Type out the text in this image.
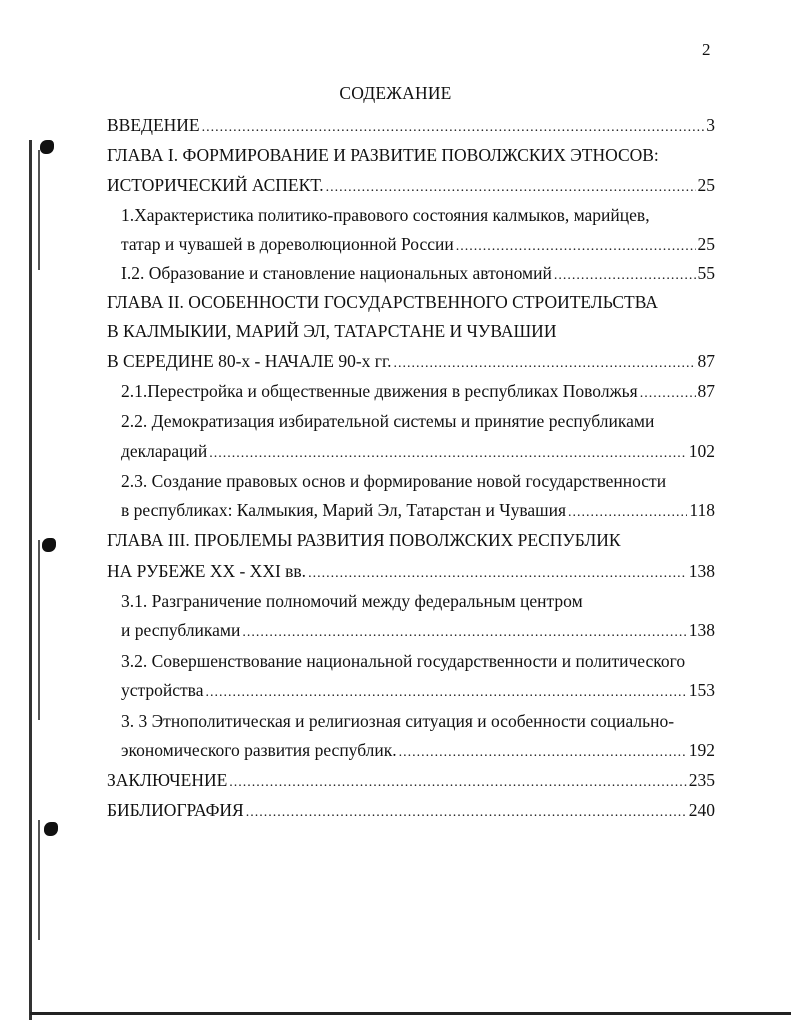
2
СОДЕЖАНИЕ
ВВЕДЕНИЕ .....	3
ГЛАВА I. ФОРМИРОВАНИЕ И РАЗВИТИЕ ПОВОЛЖСКИХ ЭТНОСОВ:
ИСТОРИЧЕСКИЙ АСПЕКТ. .....	25
1.Характеристика политико-правового состояния калмыков, марийцев,
татар и чувашей в дореволюционной России .....	25
I.2. Образование и становление национальных автономий .....	55
ГЛАВА II. ОСОБЕННОСТИ ГОСУДАРСТВЕННОГО СТРОИТЕЛЬСТВА
В КАЛМЫКИИ, МАРИЙ ЭЛ, ТАТАРСТАНЕ И ЧУВАШИИ
В СЕРЕДИНЕ 80-х - НАЧАЛЕ 90-х гг. .....	87
2.1.Перестройка и общественные движения в республиках Поволжья .....	87
2.2. Демократизация избирательной системы и принятие республиками
деклараций .....	102
2.3. Создание правовых основ и формирование новой государственности
в республиках: Калмыкия, Марий Эл, Татарстан и Чувашия .....	118
ГЛАВА III. ПРОБЛЕМЫ РАЗВИТИЯ ПОВОЛЖСКИХ РЕСПУБЛИК
НА РУБЕЖЕ XX - XXI вв. .....	138
3.1. Разграничение полномочий между федеральным центром
и республиками .....	138
3.2. Совершенствование национальной государственности и политического
устройства .....	153
3. 3 Этнополитическая и религиозная ситуация и особенности социально-
экономического развития республик. .....	192
ЗАКЛЮЧЕНИЕ .....	235
БИБЛИОГРАФИЯ .....	240
